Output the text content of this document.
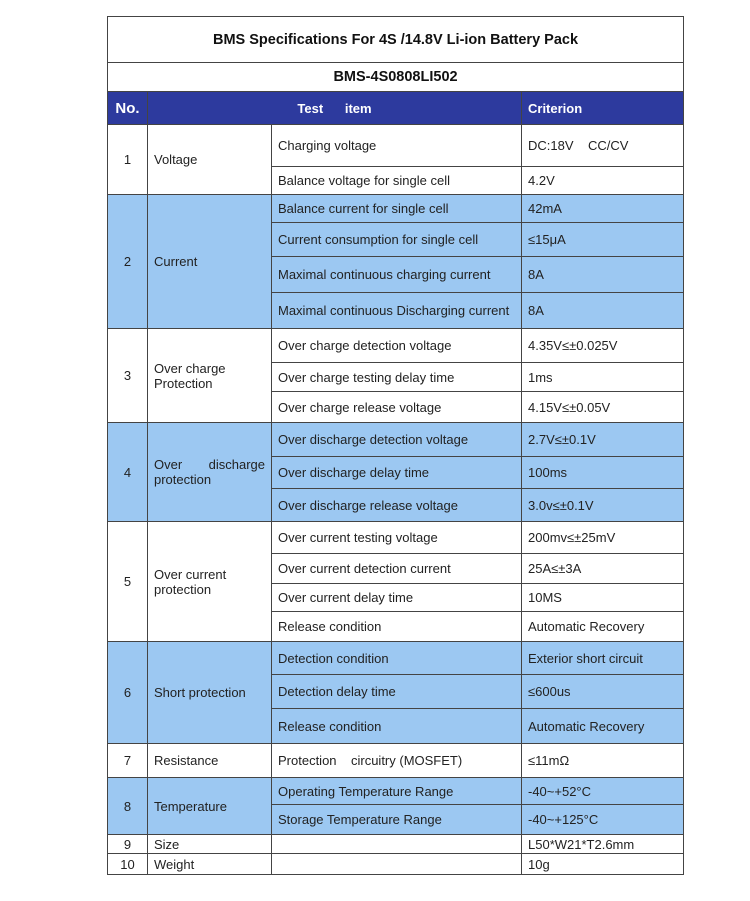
BMS Specifications For 4S /14.8V Li-ion Battery Pack			
BMS-4S0808LI502			
No.	Test      item		Criterion
1	Voltage	Charging voltage	DC:18V    CC/CV
		Balance voltage for single cell	4.2V
2	Current	Balance current for single cell	42mA
		Current consumption for single cell	≤15μA
		Maximal continuous charging current	8A
		Maximal continuous Discharging current	8A
3	Over charge Protection	Over charge detection voltage	4.35V≤±0.025V
		Over charge testing delay time	1ms
		Over charge release voltage	4.15V≤±0.05V
4	Over      discharge protection	Over discharge detection voltage	2.7V≤±0.1V
		Over discharge delay time	100ms
		Over discharge release voltage	3.0v≤±0.1V
5	Over current protection	Over current testing voltage	200mv≤±25mV
		Over current detection current	25A≤±3A
		Over current delay time	10MS
		Release condition	Automatic Recovery
6	Short protection	Detection condition	Exterior short circuit
		Detection delay time	≤600us
		Release condition	Automatic Recovery
7	Resistance	Protection    circuitry (MOSFET)	≤11mΩ
8	Temperature	Operating Temperature Range	-40~+52°C
		Storage Temperature Range	-40~+125°C
9	Size		L50*W21*T2.6mm
10	Weight		10g
